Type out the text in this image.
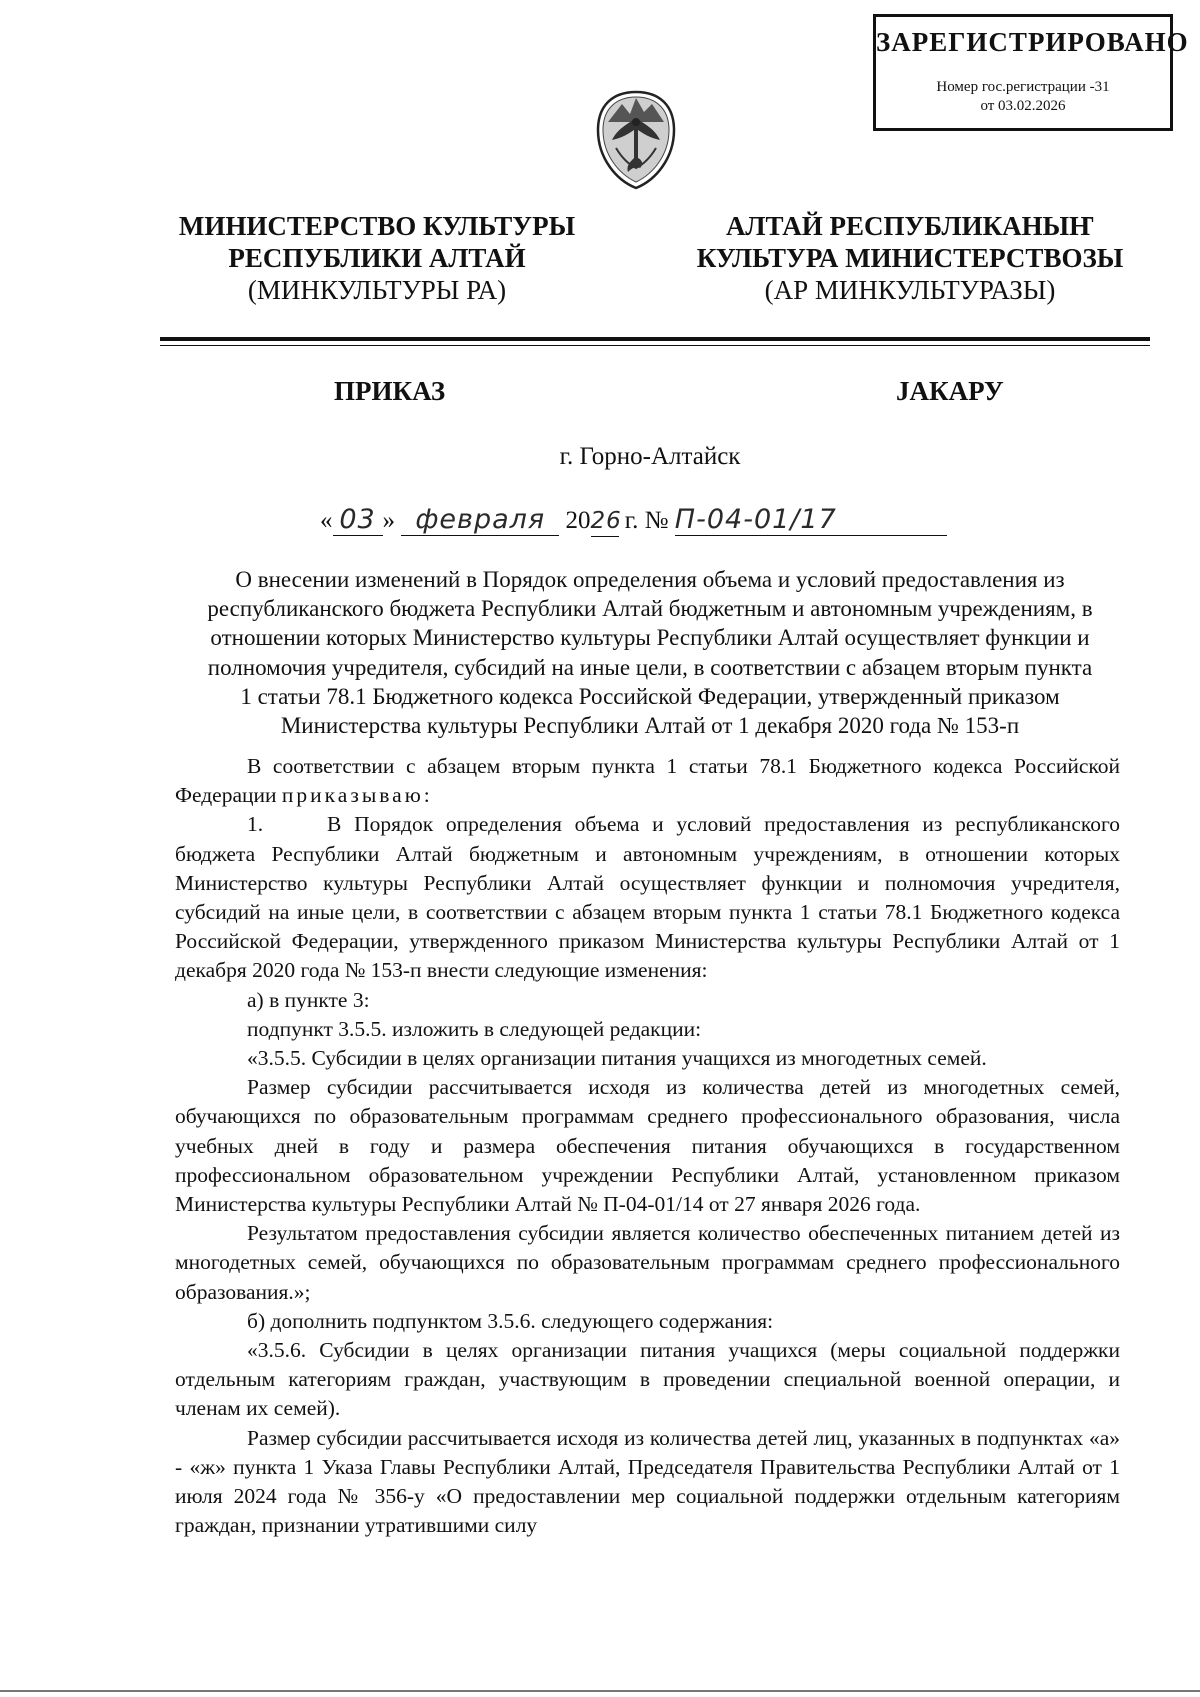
ЗАРЕГИСТРИРОВАНО
Номер гос.регистрации -31
от 03.02.2026
МИНИСТЕРСТВО КУЛЬТУРЫ
РЕСПУБЛИКИ АЛТАЙ
(МИНКУЛЬТУРЫ РА)
АЛТАЙ РЕСПУБЛИКАНЫҤ
КУЛЬТУРА МИНИСТЕРСТВОЗЫ
(АР МИНКУЛЬТУРАЗЫ)
ПРИКАЗ	ЈАКАРУ
г. Горно-Алтайск
« 03 » февраля 2026 г. № П-04-01/17
О внесении изменений в Порядок определения объема и условий предоставления из
республиканского бюджета Республики Алтай бюджетным и автономным учреждениям, в
отношении которых Министерство культуры Республики Алтай осуществляет функции и
полномочия учредителя, субсидий на иные цели, в соответствии с абзацем вторым пункта
1 статьи 78.1 Бюджетного кодекса Российской Федерации, утвержденный приказом
Министерства культуры Республики Алтай от 1 декабря 2020 года № 153-п

В соответствии с абзацем вторым пункта 1 статьи 78.1 Бюджетного кодекса Российской Федерации приказываю:

1.	В Порядок определения объема и условий предоставления из республиканского бюджета Республики Алтай бюджетным и автономным учреждениям, в отношении которых Министерство культуры Республики Алтай осуществляет функции и полномочия учредителя, субсидий на иные цели, в соответствии с абзацем вторым пункта 1 статьи 78.1 Бюджетного кодекса Российской Федерации, утвержденного приказом Министерства культуры Республики Алтай от 1 декабря 2020 года № 153-п внести следующие изменения:

а) в пункте 3:

подпункт 3.5.5. изложить в следующей редакции:

«3.5.5. Субсидии в целях организации питания учащихся из многодетных семей.

Размер субсидии рассчитывается исходя из количества детей из многодетных семей, обучающихся по образовательным программам среднего профессионального образования, числа учебных дней в году и размера обеспечения питания обучающихся в государственном профессиональном образовательном учреждении Республики Алтай, установленном приказом Министерства культуры Республики Алтай № П-04-01/14 от 27 января 2026 года.

Результатом предоставления субсидии является количество обеспеченных питанием детей из многодетных семей, обучающихся по образовательным программам среднего профессионального образования.»;

б) дополнить подпунктом 3.5.6. следующего содержания:

«3.5.6. Субсидии в целях организации питания учащихся (меры социальной поддержки отдельным категориям граждан, участвующим в проведении специальной военной операции, и членам их семей).

Размер субсидии рассчитывается исходя из количества детей лиц, указанных в подпунктах «а» - «ж» пункта 1 Указа Главы Республики Алтай, Председателя Правительства Республики Алтай от 1 июля 2024 года № 356-у «О предоставлении мер социальной поддержки отдельным категориям граждан, признании утратившими силу
